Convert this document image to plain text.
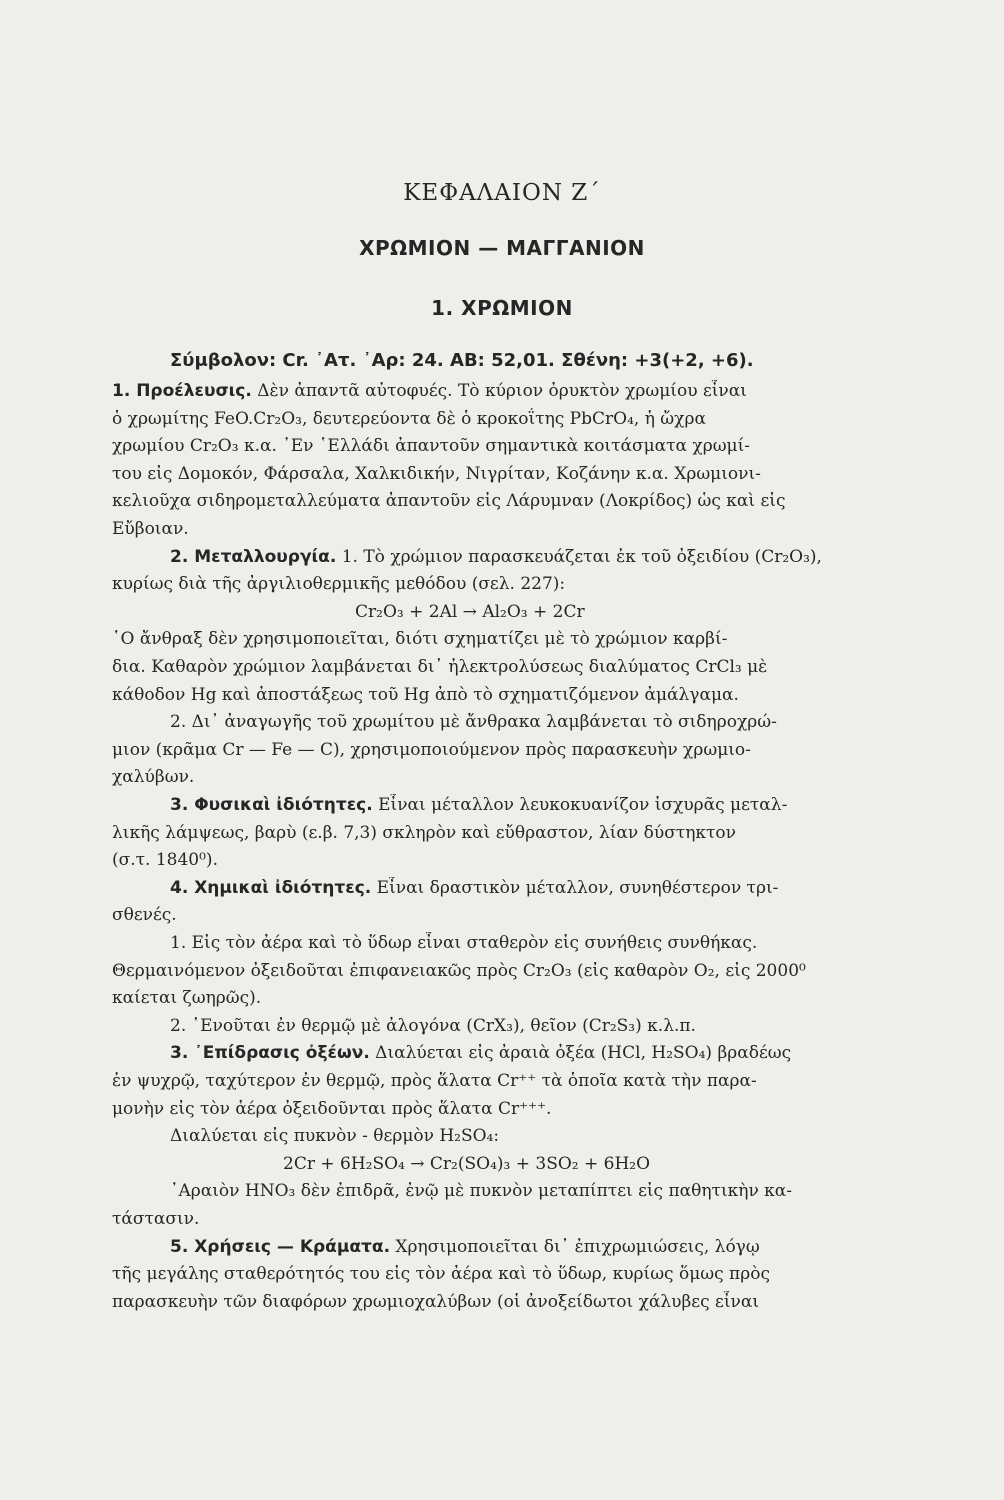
ΚΕΦΑΛΑΙΟΝ Ζ΄
ΧΡΩΜΙΟΝ — ΜΑΓΓΑΝΙΟΝ
1. ΧΡΩΜΙΟΝ
Σύμβολον: Cr. ᾿Ατ. ᾿Αρ: 24. ΑΒ: 52,01. Σθένη: +3(+2, +6).
1. Προέλευσις. Δὲν ἀπαντᾶ αὐτοφυές. Τὸ κύριον ὀρυκτὸν χρωμίου εἶναι
ὁ χρωμίτης FeO.Cr₂O₃, δευτερεύοντα δὲ ὁ κροκοΐτης PbCrO₄, ἡ ὤχρα
χρωμίου Cr₂O₃ κ.α. ᾿Εν ῾Ελλάδι ἀπαντοῦν σημαντικὰ κοιτάσματα χρωμί-
του εἰς Δομοκόν, Φάρσαλα, Χαλκιδικήν, Νιγρίταν, Κοζάνην κ.α. Χρωμιονι-
κελιοῦχα σιδηρομεταλλεύματα ἀπαντοῦν εἰς Λάρυμναν (Λοκρίδος) ὡς καὶ εἰς
Εὔβοιαν.
2. Μεταλλουργία. 1. Τὸ χρώμιον παρασκευάζεται ἐκ τοῦ ὀξειδίου (Cr₂O₃),
κυρίως διὰ τῆς ἀργιλιοθερμικῆς μεθόδου (σελ. 227):
Cr₂O₃ + 2Al → Al₂O₃ + 2Cr
῾Ο ἄνθραξ δὲν χρησιμοποιεῖται, διότι σχηματίζει μὲ τὸ χρώμιον καρβί-
δια. Καθαρὸν χρώμιον λαμβάνεται δι᾿ ἠλεκτρολύσεως διαλύματος CrCl₃ μὲ
κάθοδον Hg καὶ ἀποστάξεως τοῦ Hg ἀπὸ τὸ σχηματιζόμενον ἀμάλγαμα.
2. Δι᾿ ἀναγωγῆς τοῦ χρωμίτου μὲ ἄνθρακα λαμβάνεται τὸ σιδηροχρώ-
μιον (κρᾶμα Cr — Fe — C), χρησιμοποιούμενον πρὸς παρασκευὴν χρωμιο-
χαλύβων.
3. Φυσικαὶ ἰδιότητες. Εἶναι μέταλλον λευκοκυανίζον ἰσχυρᾶς μεταλ-
λικῆς λάμψεως, βαρὺ (ε.β. 7,3) σκληρὸν καὶ εὔθραστον, λίαν δύστηκτον
(σ.τ. 1840⁰).
4. Χημικαὶ ἰδιότητες. Εἶναι δραστικὸν μέταλλον, συνηθέστερον τρι-
σθενές.
1. Εἰς τὸν ἀέρα καὶ τὸ ὕδωρ εἶναι σταθερὸν εἰς συνήθεις συνθήκας.
Θερμαινόμενον ὀξειδοῦται ἐπιφανειακῶς πρὸς Cr₂O₃ (εἰς καθαρὸν O₂, εἰς 2000⁰
καίεται ζωηρῶς).
2. ῾Ενοῦται ἐν θερμῷ μὲ ἀλογόνα (CrX₃), θεῖον (Cr₂S₃) κ.λ.π.
3. ᾿Επίδρασις ὀξέων. Διαλύεται εἰς ἀραιὰ ὀξέα (HCl, H₂SO₄) βραδέως
ἐν ψυχρῷ, ταχύτερον ἐν θερμῷ, πρὸς ἅλατα Cr⁺⁺ τὰ ὁποῖα κατὰ τὴν παρα-
μονὴν εἰς τὸν ἀέρα ὀξειδοῦνται πρὸς ἅλατα Cr⁺⁺⁺.
Διαλύεται εἰς πυκνὸν - θερμὸν H₂SO₄:
2Cr + 6H₂SO₄ → Cr₂(SO₄)₃ + 3SO₂ + 6H₂O
᾿Αραιὸν HNO₃ δὲν ἐπιδρᾶ, ἐνῷ μὲ πυκνὸν μεταπίπτει εἰς παθητικὴν κα-
τάστασιν.
5. Χρήσεις — Κράματα. Χρησιμοποιεῖται δι᾿ ἐπιχρωμιώσεις, λόγῳ
τῆς μεγάλης σταθερότητός του εἰς τὸν ἀέρα καὶ τὸ ὕδωρ, κυρίως ὅμως πρὸς
παρασκευὴν τῶν διαφόρων χρωμιοχαλύβων (οἱ ἀνοξείδωτοι χάλυβες εἶναι
